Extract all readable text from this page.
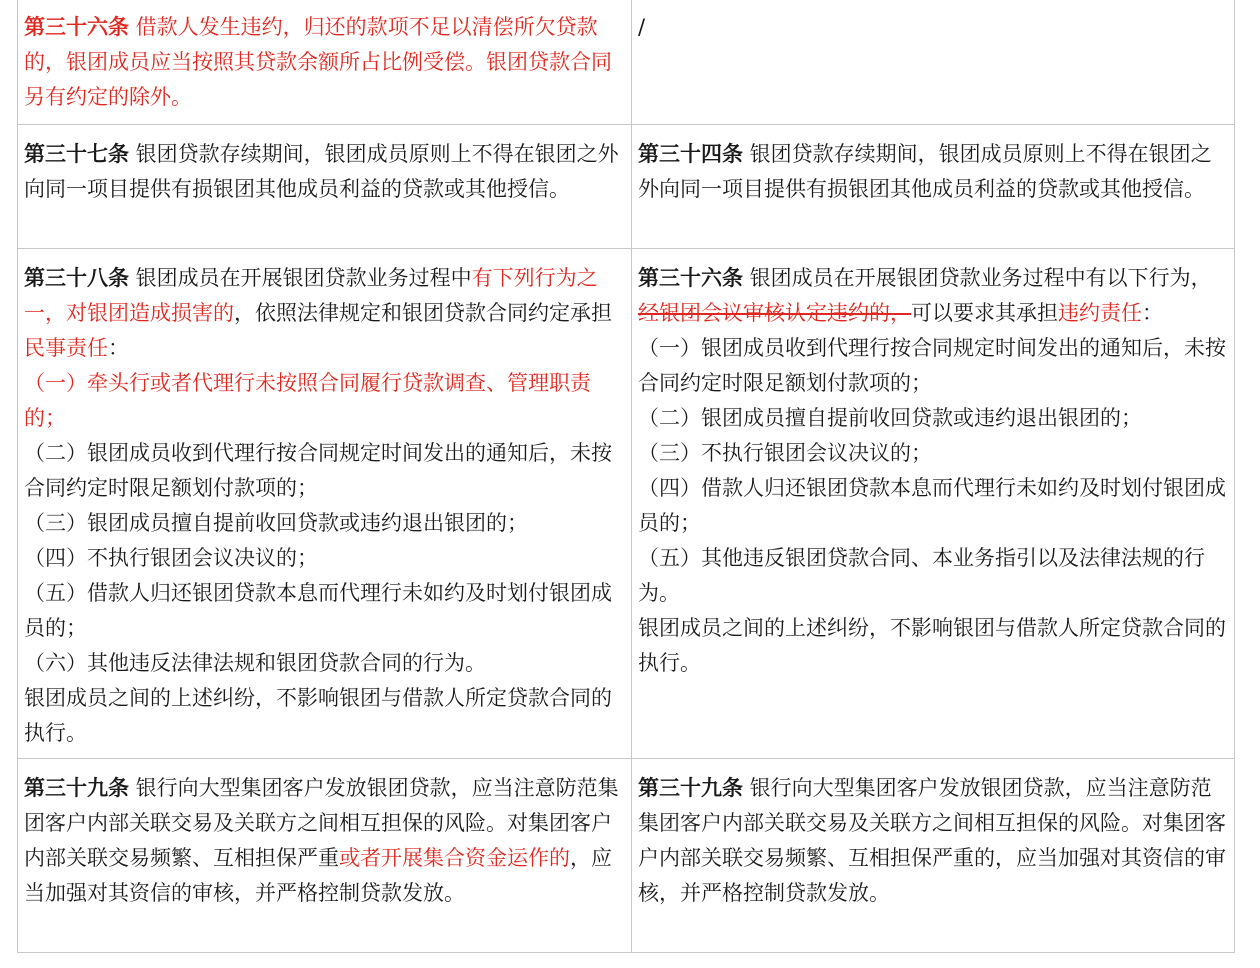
第三十六条 借款人发生违约，归还的款项不足以清偿所欠贷款的，银团成员应当按照其贷款余额所占比例受偿。银团贷款合同另有约定的除外。
/
第三十七条 银团贷款存续期间，银团成员原则上不得在银团之外向同一项目提供有损银团其他成员利益的贷款或其他授信。
第三十四条 银团贷款存续期间，银团成员原则上不得在银团之外向同一项目提供有损银团其他成员利益的贷款或其他授信。
第三十八条 银团成员在开展银团贷款业务过程中有下列行为之一，对银团造成损害的，依照法律规定和银团贷款合同约定承担民事责任：
（一）牵头行或者代理行未按照合同履行贷款调查、管理职责的；
（二）银团成员收到代理行按合同规定时间发出的通知后，未按合同约定时限足额划付款项的；
（三）银团成员擅自提前收回贷款或违约退出银团的；
（四）不执行银团会议决议的；
（五）借款人归还银团贷款本息而代理行未如约及时划付银团成员的；
（六）其他违反法律法规和银团贷款合同的行为。
银团成员之间的上述纠纷，不影响银团与借款人所定贷款合同的执行。
第三十六条 银团成员在开展银团贷款业务过程中有以下行为，经银团会议审核认定违约的，可以要求其承担违约责任：
（一）银团成员收到代理行按合同规定时间发出的通知后，未按合同约定时限足额划付款项的；
（二）银团成员擅自提前收回贷款或违约退出银团的；
（三）不执行银团会议决议的；
（四）借款人归还银团贷款本息而代理行未如约及时划付银团成员的；
（五）其他违反银团贷款合同、本业务指引以及法律法规的行为。
银团成员之间的上述纠纷，不影响银团与借款人所定贷款合同的执行。
第三十九条 银行向大型集团客户发放银团贷款，应当注意防范集团客户内部关联交易及关联方之间相互担保的风险。对集团客户内部关联交易频繁、互相担保严重或者开展集合资金运作的，应当加强对其资信的审核，并严格控制贷款发放。
第三十九条 银行向大型集团客户发放银团贷款，应当注意防范集团客户内部关联交易及关联方之间相互担保的风险。对集团客户内部关联交易频繁、互相担保严重的，应当加强对其资信的审核，并严格控制贷款发放。
